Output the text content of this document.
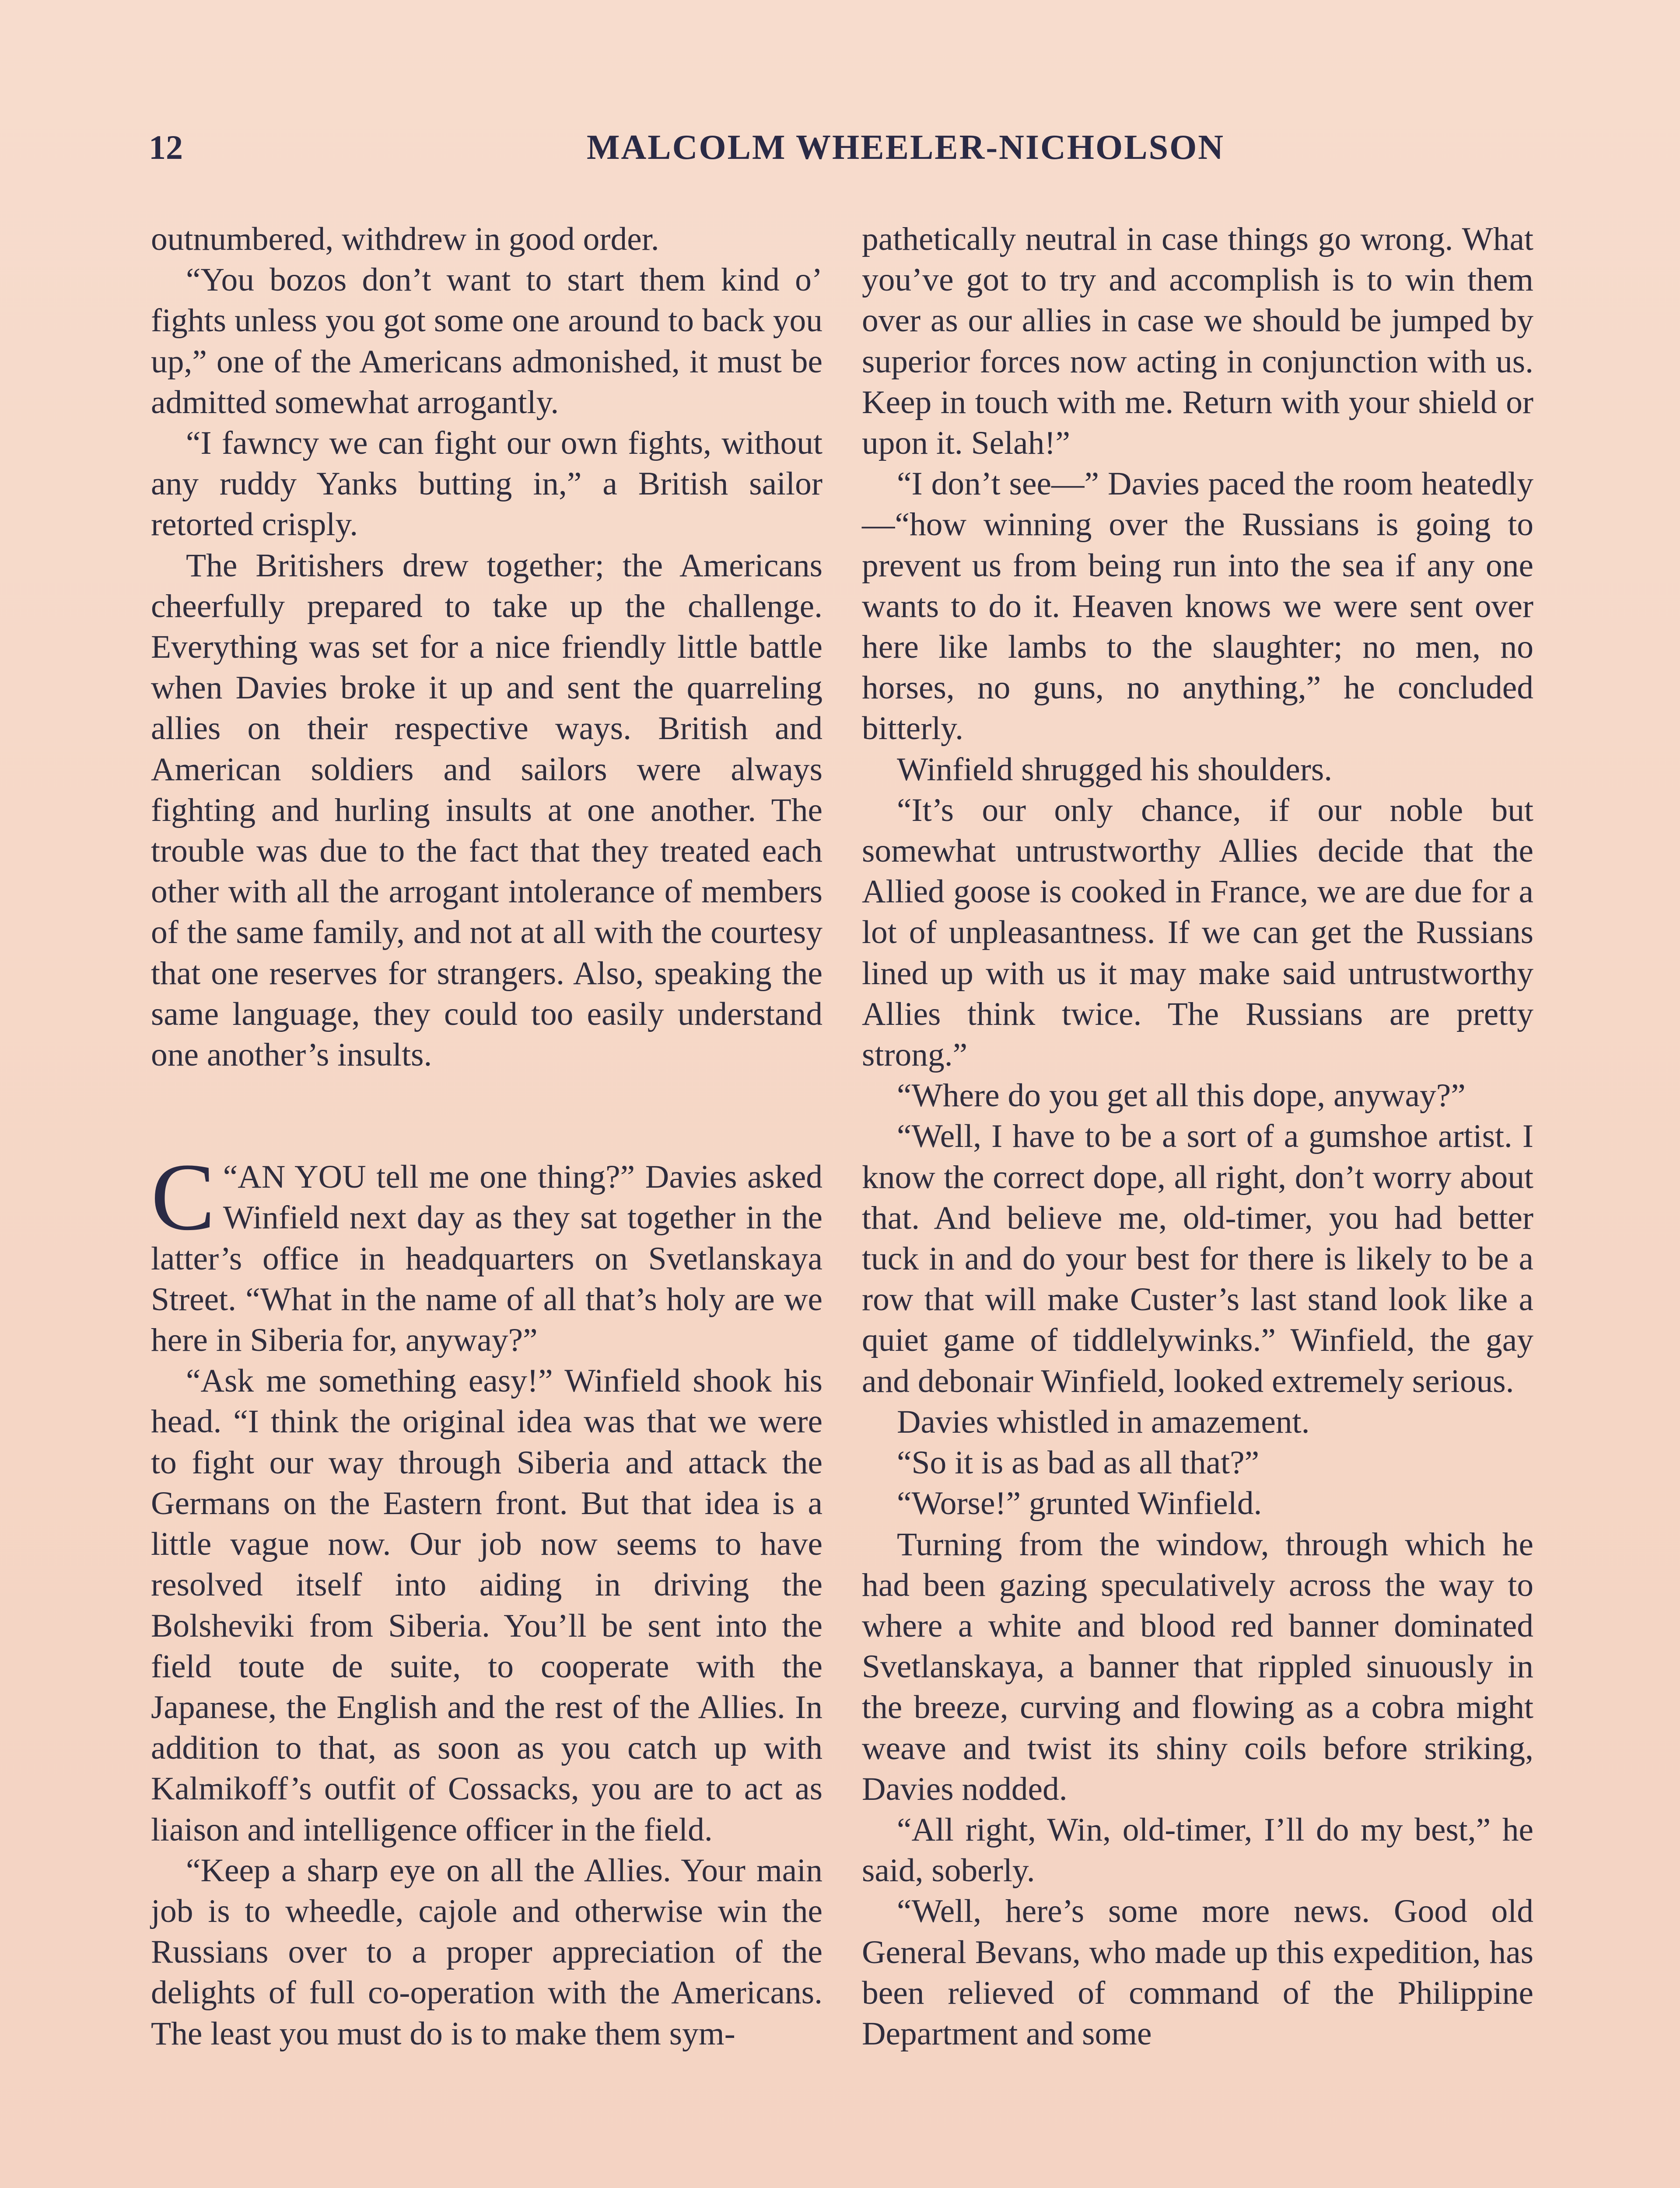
12	MALCOLM WHEELER-NICHOLSON

outnumbered, withdrew in good order.

“You bozos don’t want to start them kind o’ fights unless you got some one around to back you up,” one of the Americans admonished, it must be admitted somewhat arrogantly.

“I fawncy we can fight our own fights, without any ruddy Yanks butting in,” a British sailor retorted crisply.

The Britishers drew together; the Americans cheerfully prepared to take up the challenge. Everything was set for a nice friendly little battle when Davies broke it up and sent the quarreling allies on their respective ways. British and American soldiers and sailors were always fighting and hurling insults at one another. The trouble was due to the fact that they treated each other with all the arrogant intolerance of members of the same family, and not at all with the courtesy that one reserves for strangers. Also, speaking the same language, they could too easily understand one another’s insults.

“
C AN YOU tell me one thing?” Davies asked Winfield next day as they sat together in the latter’s office in headquarters on Svetlanskaya Street. “What in the name of all that’s holy are we here in Siberia for, anyway?”

“Ask me something easy!” Winfield shook his head. “I think the original idea was that we were to fight our way through Siberia and attack the Germans on the Eastern front. But that idea is a little vague now. Our job now seems to have resolved itself into aiding in driving the Bolsheviki from Siberia. You’ll be sent into the field toute de suite, to cooperate with the Japanese, the English and the rest of the Allies. In addition to that, as soon as you catch up with Kalmikoff’s outfit of Cossacks, you are to act as liaison and intelligence officer in the field.

“Keep a sharp eye on all the Allies. Your main job is to wheedle, cajole and otherwise win the Russians over to a proper appreciation of the delights of full co-operation with the Americans. The least you must do is to make them sym-

pathetically neutral in case things go wrong. What you’ve got to try and accomplish is to win them over as our allies in case we should be jumped by superior forces now acting in conjunction with us. Keep in touch with me. Return with your shield or upon it. Selah!”

“I don’t see—” Davies paced the room heatedly—“how winning over the Russians is going to prevent us from being run into the sea if any one wants to do it. Heaven knows we were sent over here like lambs to the slaughter; no men, no horses, no guns, no anything,” he concluded bitterly.

Winfield shrugged his shoulders.

“It’s our only chance, if our noble but somewhat untrustworthy Allies decide that the Allied goose is cooked in France, we are due for a lot of unpleasantness. If we can get the Russians lined up with us it may make said untrustworthy Allies think twice. The Russians are pretty strong.”

“Where do you get all this dope, anyway?”

“Well, I have to be a sort of a gumshoe artist. I know the correct dope, all right, don’t worry about that. And believe me, old-timer, you had better tuck in and do your best for there is likely to be a row that will make Custer’s last stand look like a quiet game of tiddlelywinks.” Winfield, the gay and debonair Winfield, looked extremely serious.

Davies whistled in amazement.

“So it is as bad as all that?”

“Worse!” grunted Winfield.

Turning from the window, through which he had been gazing speculatively across the way to where a white and blood red banner dominated Svetlanskaya, a banner that rippled sinuously in the breeze, curving and flowing as a cobra might weave and twist its shiny coils before striking, Davies nodded.

“All right, Win, old-timer, I’ll do my best,” he said, soberly.

“Well, here’s some more news. Good old General Bevans, who made up this expedition, has been relieved of command of the Philippine Department and some
